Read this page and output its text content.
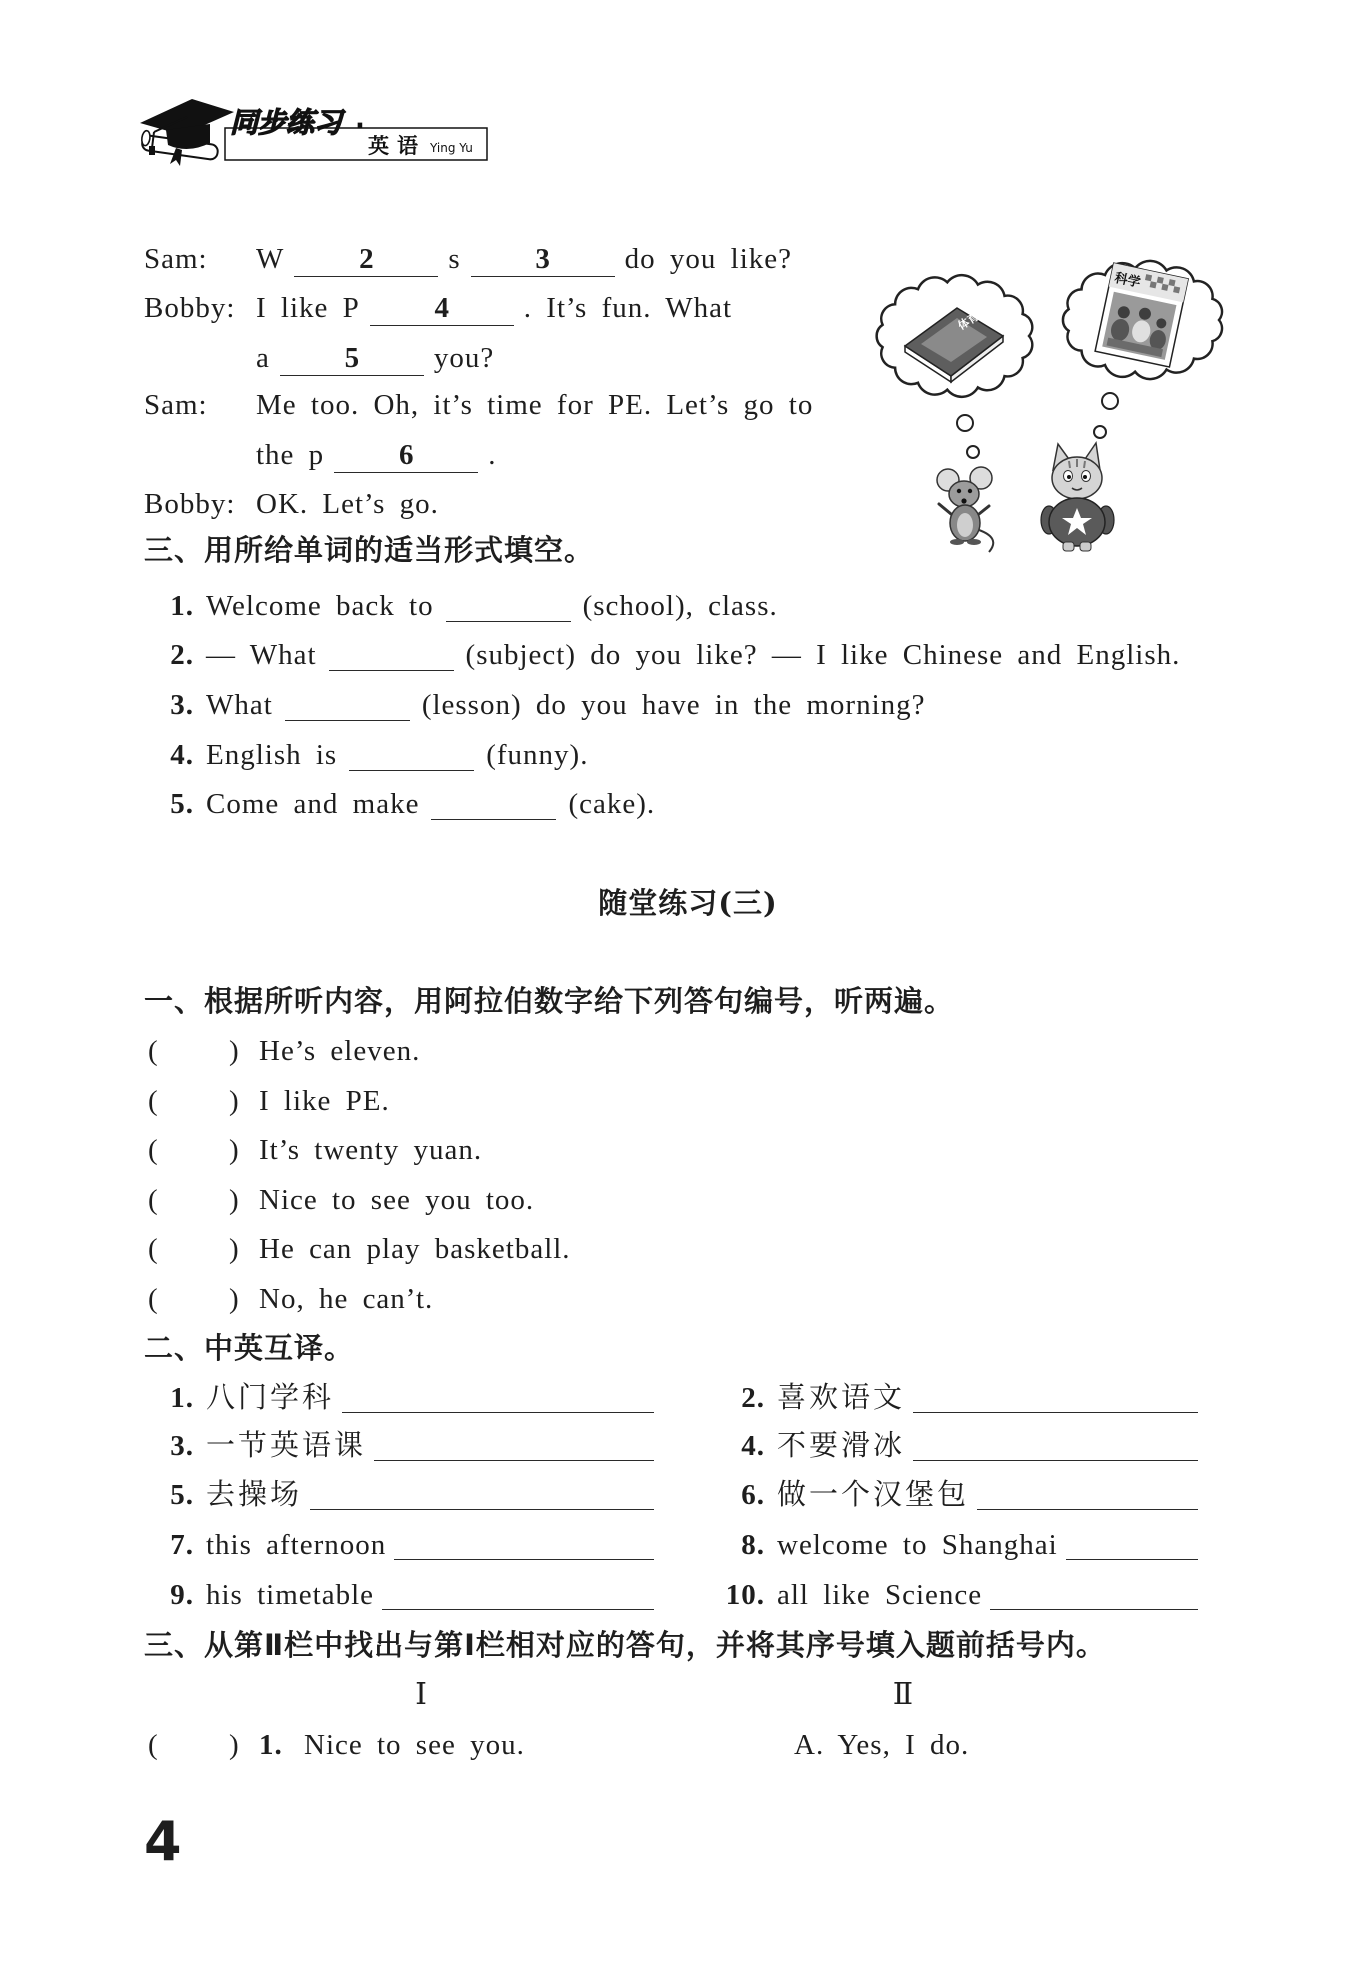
同步练习 ·
英语 Ying Yu
Sam: W	2	s	3	do you like?
Bobby: I like P	4	. It’s fun. What
a	5	you?
Sam: Me too. Oh, it’s time for PE. Let’s go to
the p	6	.
Bobby: OK. Let’s go.
体育
科学
三、用所给单词的适当形式填空。
1. Welcome back to	(school), class.
2. — What	(subject) do you like? — I like Chinese and English.
3. What	(lesson) do you have in the morning?
4. English is	(funny).
5. Come and make	(cake).
随堂练习(三)
一、根据所听内容，用阿拉伯数字给下列答句编号，听两遍。
( ) He’s eleven.
( ) I like PE.
( ) It’s twenty yuan.
( ) Nice to see you too.
( ) He can play basketball.
( ) No, he can’t.
二、中英互译。
1. 八门学科	2. 喜欢语文
3. 一节英语课	4. 不要滑冰
5. 去操场	6. 做一个汉堡包
7. this afternoon	8. welcome to Shanghai
9. his timetable	10. all like Science
三、从第Ⅱ栏中找出与第Ⅰ栏相对应的答句，并将其序号填入题前括号内。
Ⅰ	Ⅱ
( ) 1. Nice to see you.	A. Yes, I do.
4
